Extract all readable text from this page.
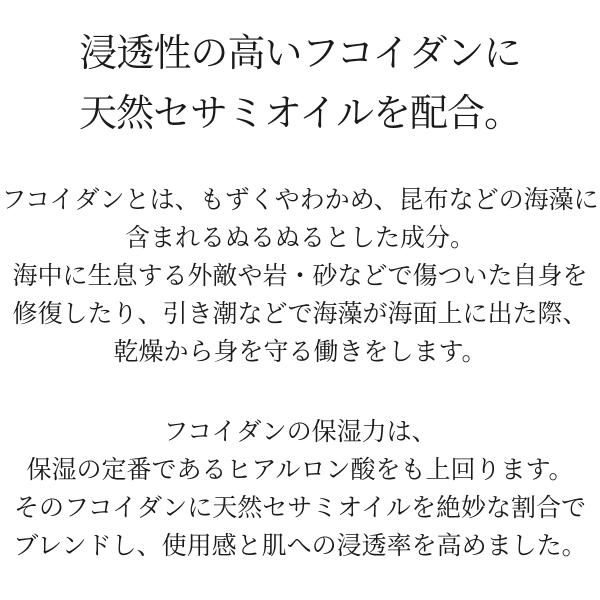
浸透性の高いフコイダンに
天然セサミオイルを配合。

フコイダンとは、もずくやわかめ、昆布などの海藻に
含まれるぬるぬるとした成分。
海中に生息する外敵や岩・砂などで傷ついた自身を
修復したり、引き潮などで海藻が海面上に出た際、
乾燥から身を守る働きをします。

フコイダンの保湿力は、
保湿の定番であるヒアルロン酸をも上回ります。
そのフコイダンに天然セサミオイルを絶妙な割合で
ブレンドし、使用感と肌への浸透率を高めました。
